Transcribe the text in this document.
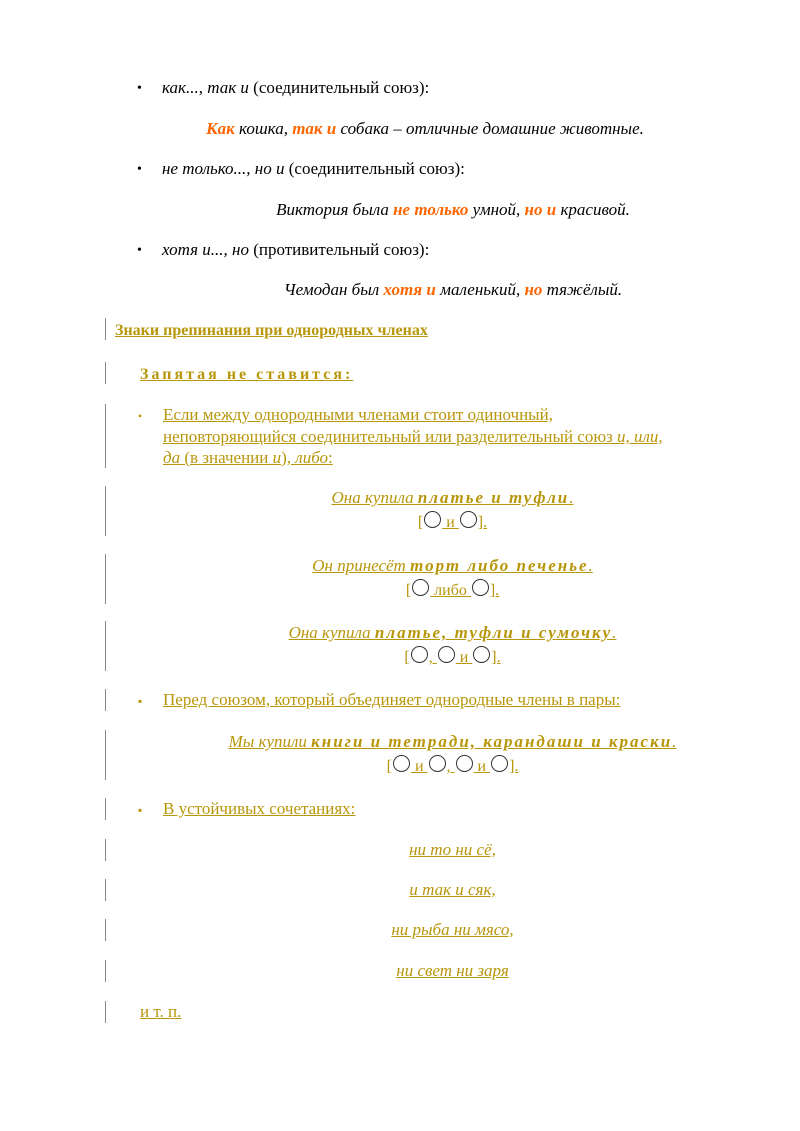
• как..., так и (соединительный союз):
Как кошка, так и собака – отличные домашние животные.
• не только..., но и (соединительный союз):
Виктория была не только умной, но и красивой.
• хотя и..., но (противительный союз):
Чемодан был хотя и маленький, но тяжёлый.
Знаки препинания при однородных членах
Запятая не ставится:
• Если между однородными членами стоит одиночный,
неповторяющийся соединительный или разделительный союз и, или,
да (в значении и), либо:
Она купила платье и туфли.
[ и ].
Он принесёт торт либо печенье.
[ либо ].
Она купила платье, туфли и сумочку.
[ ,  и ].
▪ Перед союзом, который объединяет однородные члены в пары:
Мы купили книги и тетради, карандаши и краски.
[ и ,  и ].
▪ В устойчивых сочетаниях:
ни то ни сё,
и так и сяк,
ни рыба ни мясо,
ни свет ни заря
и т. п.
